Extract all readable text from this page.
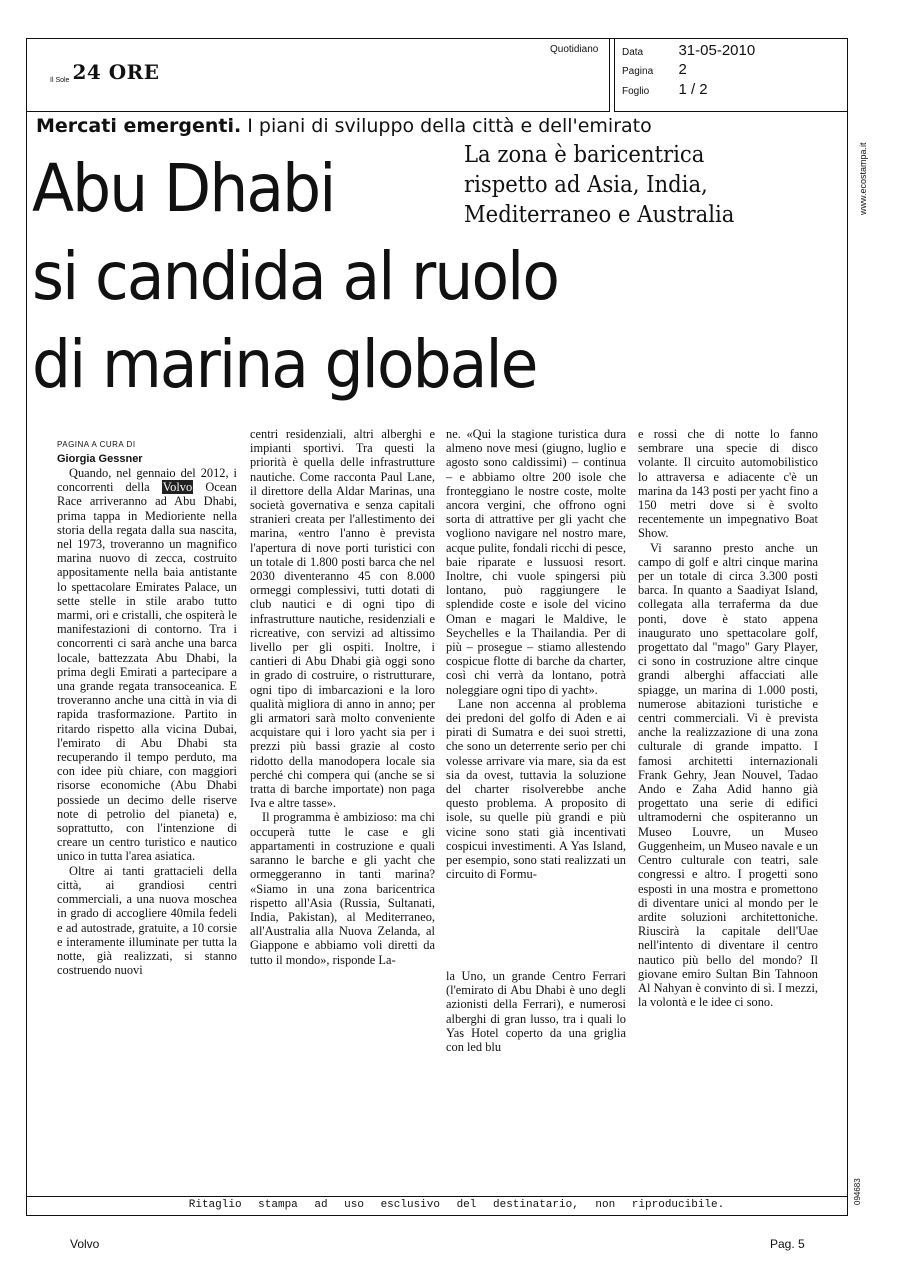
Il Sole 24 ORE
Quotidiano Data 31-05-2010
Pagina 2
Foglio 1 / 2
www.ecostampa.it
094683
Mercati emergenti. I piani di sviluppo della città e dell'emirato
Abu Dhabi
si candida al ruolo
di marina globale
La zona è baricentrica
rispetto ad Asia, India,
Mediterraneo e Australia
PAGINA A CURA DI
Giorgia Gessner

Quando, nel gennaio del 2012, i concorrenti della Volvo Ocean Race arriveranno ad Abu Dhabi, prima tappa in Medioriente nella storia della regata dalla sua nascita, nel 1973, troveranno un magnifico marina nuovo di zecca, costruito appositamente nella baia antistante lo spettacolare Emirates Palace, un sette stelle in stile arabo tutto marmi, ori e cristalli, che ospiterà le manifestazioni di contorno. Tra i concorrenti ci sarà anche una barca locale, battezzata Abu Dhabi, la prima degli Emirati a partecipare a una grande regata transoceanica. E troveranno anche una città in via di rapida trasformazione. Partito in ritardo rispetto alla vicina Dubai, l'emirato di Abu Dhabi sta recuperando il tempo perduto, ma con idee più chiare, con maggiori risorse economiche (Abu Dhabi possiede un decimo delle riserve note di petrolio del pianeta) e, soprattutto, con l'intenzione di creare un centro turistico e nautico unico in tutta l'area asiatica.

Oltre ai tanti grattacieli della città, ai grandiosi centri commerciali, a una nuova moschea in grado di accogliere 40mila fedeli e ad autostrade, gratuite, a 10 corsie e interamente illuminate per tutta la notte, già realizzati, si stanno costruendo nuovi

centri residenziali, altri alberghi e impianti sportivi. Tra questi la priorità è quella delle infrastrutture nautiche. Come racconta Paul Lane, il direttore della Aldar Marinas, una società governativa e senza capitali stranieri creata per l'allestimento dei marina, «entro l'anno è prevista l'apertura di nove porti turistici con un totale di 1.800 posti barca che nel 2030 diventeranno 45 con 8.000 ormeggi complessivi, tutti dotati di club nautici e di ogni tipo di infrastrutture nautiche, residenziali e ricreative, con servizi ad altissimo livello per gli ospiti. Inoltre, i cantieri di Abu Dhabi già oggi sono in grado di costruire, o ristrutturare, ogni tipo di imbarcazioni e la loro qualità migliora di anno in anno; per gli armatori sarà molto conveniente acquistare qui i loro yacht sia per i prezzi più bassi grazie al costo ridotto della manodopera locale sia perché chi compera qui (anche se si tratta di barche importate) non paga Iva e altre tasse».

Il programma è ambizioso: ma chi occuperà tutte le case e gli appartamenti in costruzione e quali saranno le barche e gli yacht che ormeggeranno in tanti marina? «Siamo in una zona baricentrica rispetto all'Asia (Russia, Sultanati, India, Pakistan), al Mediterraneo, all'Australia alla Nuova Zelanda, al Giappone e abbiamo voli diretti da tutto il mondo», risponde La-

ne. «Qui la stagione turistica dura almeno nove mesi (giugno, luglio e agosto sono caldissimi) – continua – e abbiamo oltre 200 isole che fronteggiano le nostre coste, molte ancora vergini, che offrono ogni sorta di attrattive per gli yacht che vogliono navigare nel nostro mare, acque pulite, fondali ricchi di pesce, baie riparate e lussuosi resort. Inoltre, chi vuole spingersi più lontano, può raggiungere le splendide coste e isole del vicino Oman e magari le Maldive, le Seychelles e la Thailandia. Per di più – prosegue – stiamo allestendo cospicue flotte di barche da charter, così chi verrà da lontano, potrà noleggiare ogni tipo di yacht».

Lane non accenna al problema dei predoni del golfo di Aden e ai pirati di Sumatra e dei suoi stretti, che sono un deterrente serio per chi volesse arrivare via mare, sia da est sia da ovest, tuttavia la soluzione del charter risolverebbe anche questo problema. A proposito di isole, su quelle più grandi e più vicine sono stati già incentivati cospicui investimenti. A Yas Island, per esempio, sono stati realizzati un circuito di Formu-

la Uno, un grande Centro Ferrari (l'emirato di Abu Dhabi è uno degli azionisti della Ferrari), e numerosi alberghi di gran lusso, tra i quali lo Yas Hotel coperto da una griglia con led blu

e rossi che di notte lo fanno sembrare una specie di disco volante. Il circuito automobilistico lo attraversa e adiacente c'è un marina da 143 posti per yacht fino a 150 metri dove si è svolto recentemente un impegnativo Boat Show.

Vi saranno presto anche un campo di golf e altri cinque marina per un totale di circa 3.300 posti barca. In quanto a Saadiyat Island, collegata alla terraferma da due ponti, dove è stato appena inaugurato uno spettacolare golf, progettato dal "mago" Gary Player, ci sono in costruzione altre cinque grandi alberghi affacciati alle spiagge, un marina di 1.000 posti, numerose abitazioni turistiche e centri commerciali. Vi è prevista anche la realizzazione di una zona culturale di grande impatto. I famosi architetti internazionali Frank Gehry, Jean Nouvel, Tadao Ando e Zaha Adid hanno già progettato una serie di edifici ultramoderni che ospiteranno un Museo Louvre, un Museo Guggenheim, un Museo navale e un Centro culturale con teatri, sale congressi e altro. I progetti sono esposti in una mostra e promettono di diventare unici al mondo per le ardite soluzioni architettoniche. Riuscirà la capitale dell'Uae nell'intento di diventare il centro nautico più bello del mondo? Il giovane emiro Sultan Bin Tahnoon Al Nahyan è convinto di sì. I mezzi, la volontà e le idee ci sono.

Ritaglio stampa ad uso esclusivo del destinatario, non riproducibile.
Volvo	Pag. 5
